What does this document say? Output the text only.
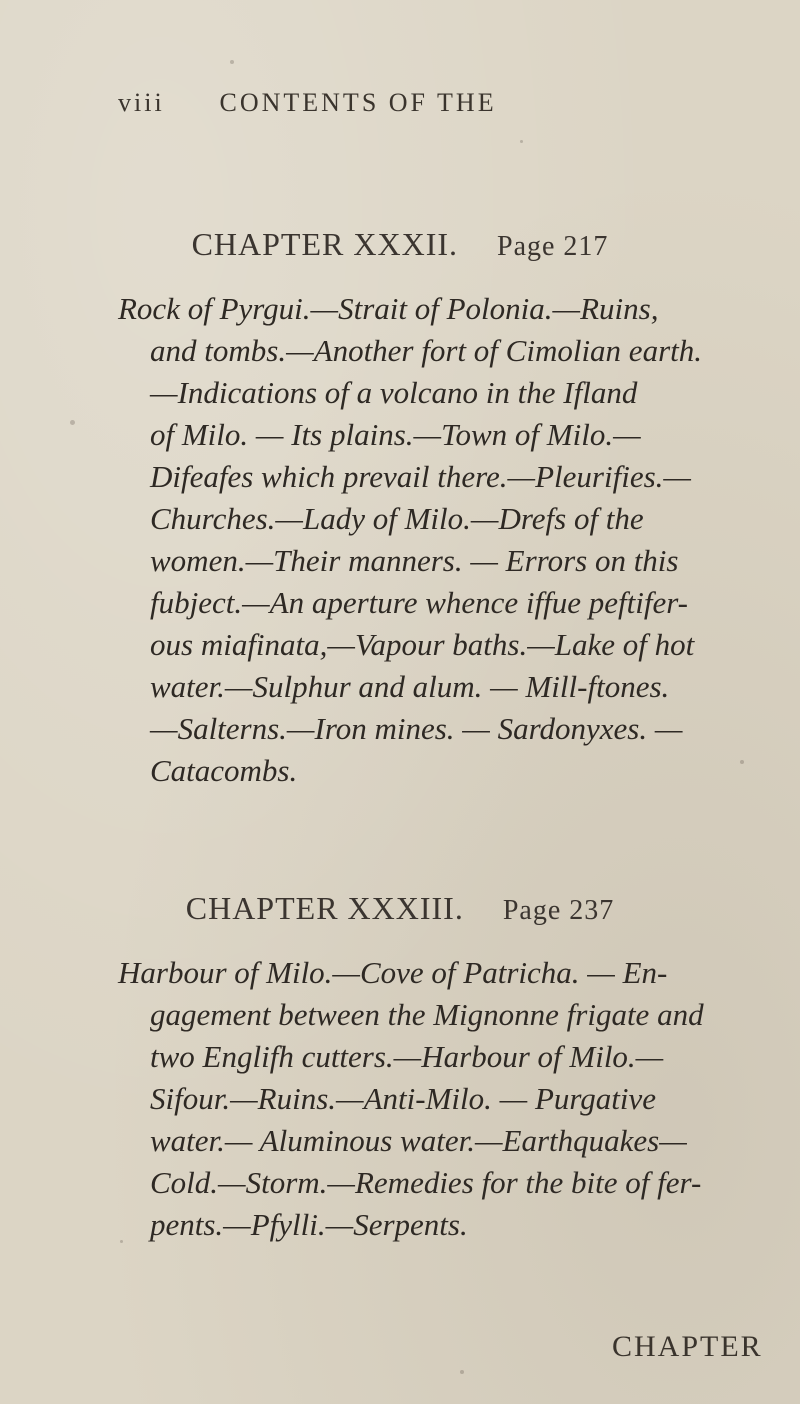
viii CONTENTS OF THE
CHAPTER XXXII. Page 217
Rock of Pyrgui.—Strait of Polonia.—Ruins,
and tombs.—Another fort of Cimolian earth.
—Indications of a volcano in the Ifland
of Milo. — Its plains.—Town of Milo.—
Difeafes which prevail there.—Pleurifies.—
Churches.—Lady of Milo.—Drefs of the
women.—Their manners. — Errors on this
fubject.—An aperture whence iffue peftifer-
ous miafinata,—Vapour baths.—Lake of hot
water.—Sulphur and alum. — Mill-ftones.
—Salterns.—Iron mines. — Sardonyxes. —
Catacombs.
CHAPTER XXXIII. Page 237
Harbour of Milo.—Cove of Patricha. — En-
gagement between the Mignonne frigate and
two Englifh cutters.—Harbour of Milo.—
Sifour.—Ruins.—Anti-Milo. — Purgative
water.— Aluminous water.—Earthquakes—
Cold.—Storm.—Remedies for the bite of fer-
pents.—Pfylli.—Serpents.
CHAPTER
